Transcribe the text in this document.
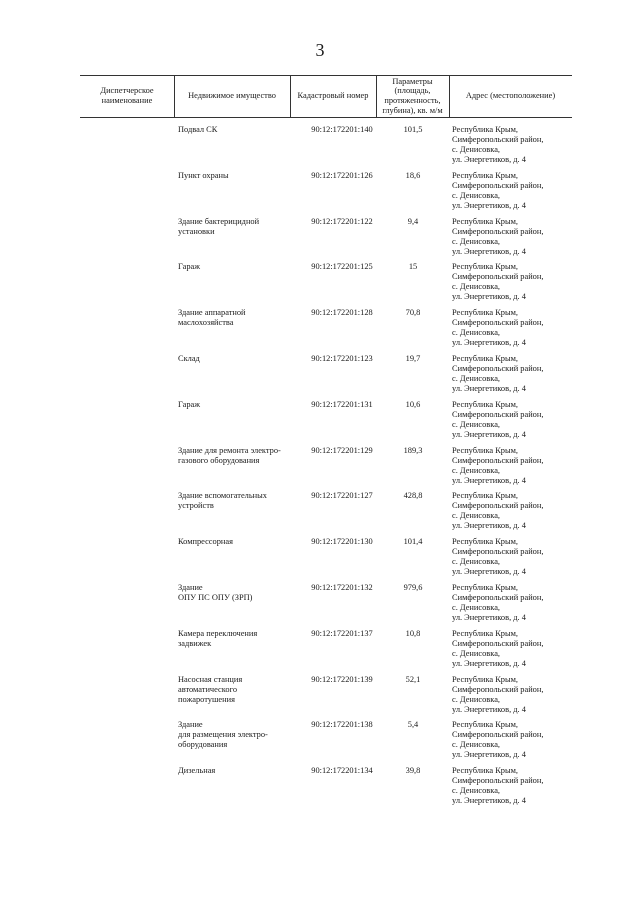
3
Диспетчерское
наименование
Недвижимое имущество	Кадастровый номер
Параметры
(площадь,
протяженность,
глубина), кв. м/м
Адрес (местоположение)
Подвал СК	90:12:172201:140	101,5	Республика Крым,
Симферопольский район,
с. Денисовка,
ул. Энергетиков, д. 4
Пункт охраны	90:12:172201:126	18,6	Республика Крым,
Симферопольский район,
с. Денисовка,
ул. Энергетиков, д. 4
Здание бактерицидной
установки
90:12:172201:122	9,4	Республика Крым,
Симферопольский район,
с. Денисовка,
ул. Энергетиков, д. 4
Гараж	90:12:172201:125	15	Республика Крым,
Симферопольский район,
с. Денисовка,
ул. Энергетиков, д. 4
Здание аппаратной
маслохозяйства
90:12:172201:128	70,8	Республика Крым,
Симферопольский район,
с. Денисовка,
ул. Энергетиков, д. 4
Склад	90:12:172201:123	19,7	Республика Крым,
Симферопольский район,
с. Денисовка,
ул. Энергетиков, д. 4
Гараж	90:12:172201:131	10,6	Республика Крым,
Симферопольский район,
с. Денисовка,
ул. Энергетиков, д. 4
Здание для ремонта электро-
газового оборудования
90:12:172201:129	189,3	Республика Крым,
Симферопольский район,
с. Денисовка,
ул. Энергетиков, д. 4
Здание вспомогательных
устройств
90:12:172201:127	428,8	Республика Крым,
Симферопольский район,
с. Денисовка,
ул. Энергетиков, д. 4
Компрессорная	90:12:172201:130	101,4	Республика Крым,
Симферопольский район,
с. Денисовка,
ул. Энергетиков, д. 4
Здание
ОПУ ПС ОПУ (ЗРП)
90:12:172201:132	979,6	Республика Крым,
Симферопольский район,
с. Денисовка,
ул. Энергетиков, д. 4
Камера переключения
задвижек
90:12:172201:137	10,8	Республика Крым,
Симферопольский район,
с. Денисовка,
ул. Энергетиков, д. 4
Насосная станция
автоматического
пожаротушения
90:12:172201:139	52,1	Республика Крым,
Симферопольский район,
с. Денисовка,
ул. Энергетиков, д. 4
Здание
для размещения электро-
оборудования
90:12:172201:138	5,4	Республика Крым,
Симферопольский район,
с. Денисовка,
ул. Энергетиков, д. 4
Дизельная	90:12:172201:134	39,8	Республика Крым,
Симферопольский район,
с. Денисовка,
ул. Энергетиков, д. 4
